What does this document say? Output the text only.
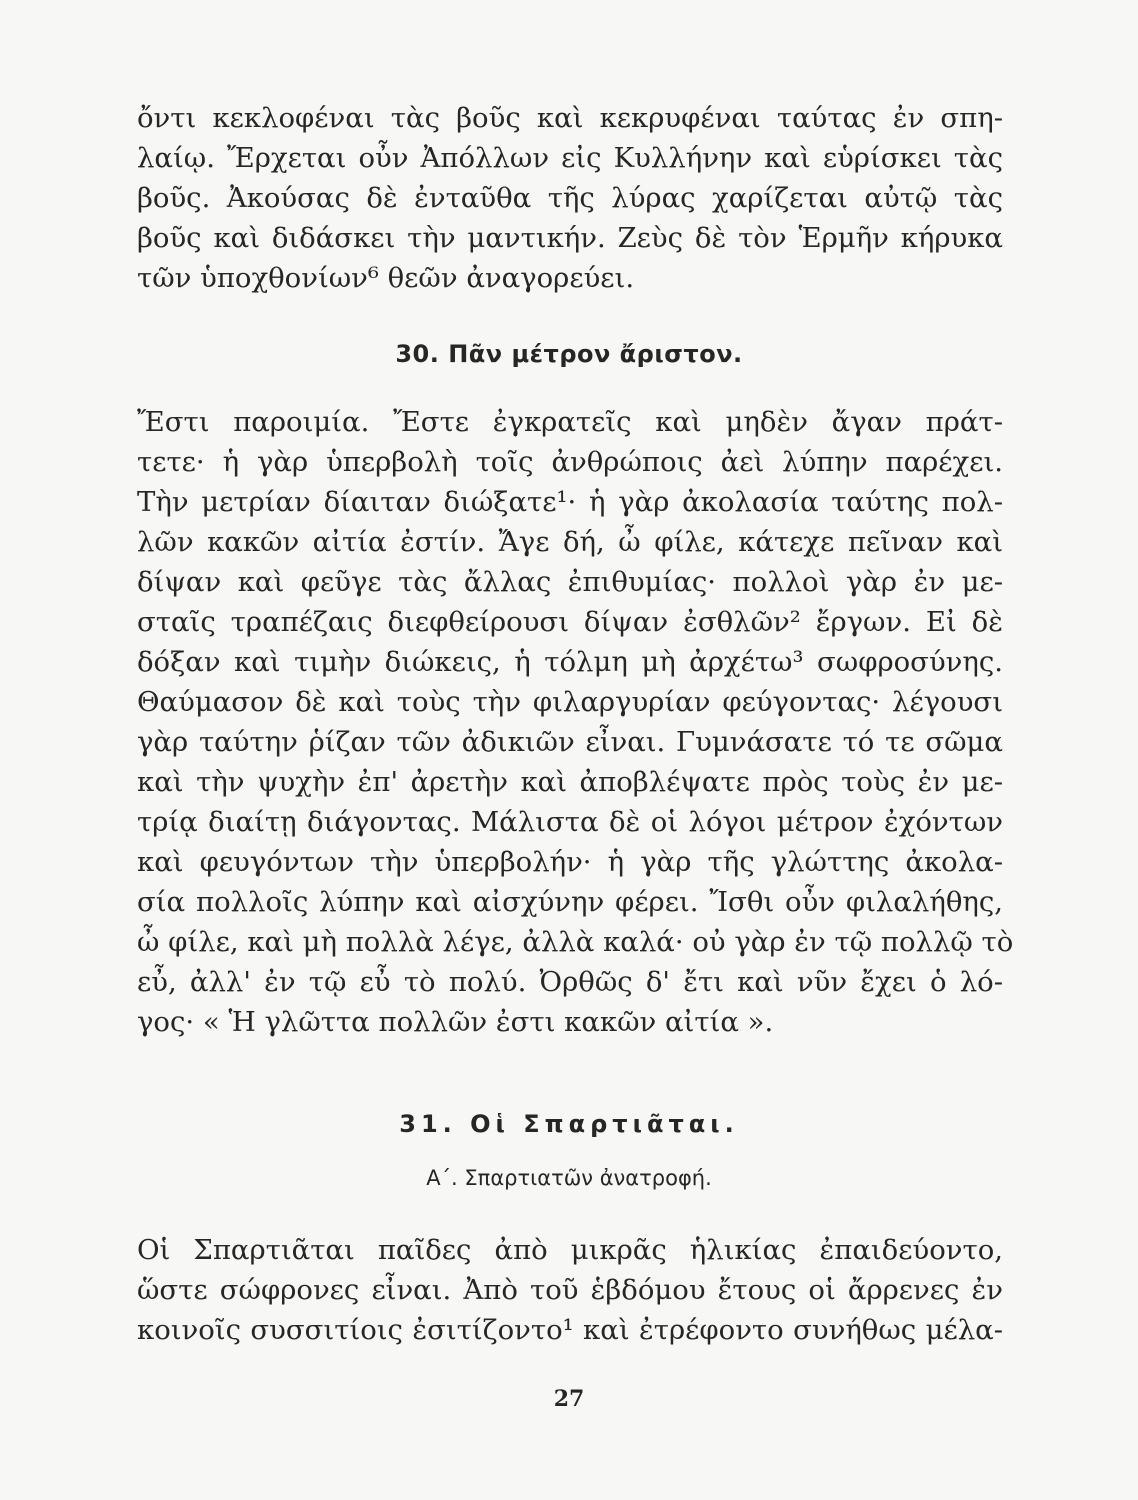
ὄντι κεκλοφέναι τὰς βοῦς καὶ κεκρυφέναι ταύτας ἐν σπη-
λαίῳ. Ἔρχεται οὖν Ἀπόλλων εἰς Κυλλήνην καὶ εὑρίσκει τὰς
βοῦς. Ἀκούσας δὲ ἐνταῦθα τῆς λύρας χαρίζεται αὐτῷ τὰς
βοῦς καὶ διδάσκει τὴν μαντικήν. Ζεὺς δὲ τὸν Ἑρμῆν κήρυκα
τῶν ὑποχθονίων⁶ θεῶν ἀναγορεύει.
30. Πᾶν μέτρον ἄριστον.
Ἔστι παροιμία. Ἔστε ἐγκρατεῖς καὶ μηδὲν ἄγαν πράτ-
τετε· ἡ γὰρ ὑπερβολὴ τοῖς ἀνθρώποις ἀεὶ λύπην παρέχει.
Τὴν μετρίαν δίαιταν διώξατε¹· ἡ γὰρ ἀκολασία ταύτης πολ-
λῶν κακῶν αἰτία ἐστίν. Ἄγε δή, ὦ φίλε, κάτεχε πεῖναν καὶ
δίψαν καὶ φεῦγε τὰς ἄλλας ἐπιθυμίας· πολλοὶ γὰρ ἐν με-
σταῖς τραπέζαις διεφθείρουσι δίψαν ἐσθλῶν² ἔργων. Εἰ δὲ
δόξαν καὶ τιμὴν διώκεις, ἡ τόλμη μὴ ἀρχέτω³ σωφροσύνης.
Θαύμασον δὲ καὶ τοὺς τὴν φιλαργυρίαν φεύγοντας· λέγουσι
γὰρ ταύτην ῥίζαν τῶν ἀδικιῶν εἶναι. Γυμνάσατε τό τε σῶμα
καὶ τὴν ψυχὴν ἐπ' ἀρετὴν καὶ ἀποβλέψατε πρὸς τοὺς ἐν με-
τρίᾳ διαίτῃ διάγοντας. Μάλιστα δὲ οἱ λόγοι μέτρον ἐχόντων
καὶ φευγόντων τὴν ὑπερβολήν· ἡ γὰρ τῆς γλώττης ἀκολα-
σία πολλοῖς λύπην καὶ αἰσχύνην φέρει. Ἴσθι οὖν φιλαλήθης,
ὦ φίλε, καὶ μὴ πολλὰ λέγε, ἀλλὰ καλά· οὐ γὰρ ἐν τῷ πολλῷ τὸ
εὖ, ἀλλ' ἐν τῷ εὖ τὸ πολύ. Ὀρθῶς δ' ἔτι καὶ νῦν ἔχει ὁ λό-
γος· « Ἡ γλῶττα πολλῶν ἐστι κακῶν αἰτία ».
31. Οἱ Σπαρτιᾶται.
Α΄. Σπαρτιατῶν ἀνατροφή.
Οἱ Σπαρτιᾶται παῖδες ἀπὸ μικρᾶς ἡλικίας ἐπαιδεύοντο,
ὥστε σώφρονες εἶναι. Ἀπὸ τοῦ ἑβδόμου ἔτους οἱ ἄρρενες ἐν
κοινοῖς συσσιτίοις ἐσιτίζοντο¹ καὶ ἐτρέφοντο συνήθως μέλα-
27
